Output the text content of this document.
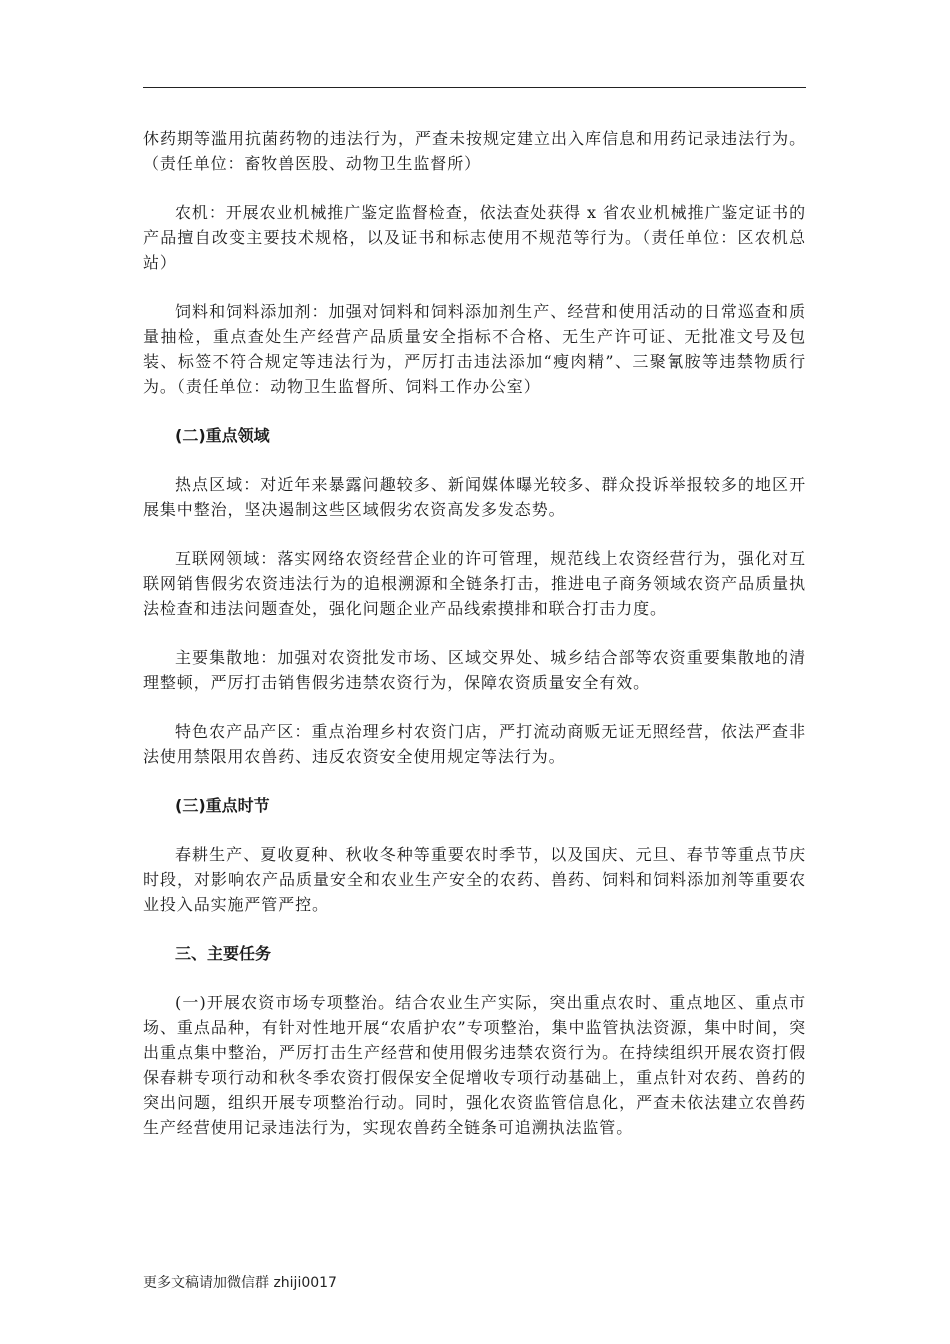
休药期等滥用抗菌药物的违法行为，严查未按规定建立出入库信息和用药记录违法行为。（责任单位：畜牧兽医股、动物卫生监督所）

农机：开展农业机械推广鉴定监督检查，依法查处获得 x 省农业机械推广鉴定证书的产品擅自改变主要技术规格，以及证书和标志使用不规范等行为。（责任单位：区农机总站）

饲料和饲料添加剂：加强对饲料和饲料添加剂生产、经营和使用活动的日常巡查和质量抽检，重点查处生产经营产品质量安全指标不合格、无生产许可证、无批准文号及包装、标签不符合规定等违法行为，严厉打击违法添加“瘦肉精”、三聚氰胺等违禁物质行为。（责任单位：动物卫生监督所、饲料工作办公室）

(二)重点领域

热点区域：对近年来暴露问趣较多、新闻媒体曝光较多、群众投诉举报较多的地区开展集中整治，坚决遏制这些区域假劣农资高发多发态势。

互联网领域：落实网络农资经营企业的许可管理，规范线上农资经营行为，强化对互联网销售假劣农资违法行为的追根溯源和全链条打击，推进电子商务领域农资产品质量执法检查和违法问题查处，强化问题企业产品线索摸排和联合打击力度。

主要集散地：加强对农资批发市场、区域交界处、城乡结合部等农资重要集散地的清理整顿，严厉打击销售假劣违禁农资行为，保障农资质量安全有效。

特色农产品产区：重点治理乡村农资门店，严打流动商贩无证无照经营，依法严查非法使用禁限用农兽药、违反农资安全使用规定等法行为。

(三)重点时节

春耕生产、夏收夏种、秋收冬种等重要农时季节，以及国庆、元旦、春节等重点节庆时段，对影响农产品质量安全和农业生产安全的农药、兽药、饲料和饲料添加剂等重要农业投入品实施严管严控。

三、主要任务

(一)开展农资市场专项整治。结合农业生产实际，突出重点农时、重点地区、重点市场、重点品种，有针对性地开展“农盾护农”专项整治，集中监管执法资源，集中时间，突出重点集中整治，严厉打击生产经营和使用假劣违禁农资行为。在持续组织开展农资打假保春耕专项行动和秋冬季农资打假保安全促增收专项行动基础上，重点针对农药、兽药的突出问题，组织开展专项整治行动。同时，强化农资监管信息化，严查未依法建立农兽药生产经营使用记录违法行为，实现农兽药全链条可追溯执法监管。

更多文稿请加微信群 zhiji0017
